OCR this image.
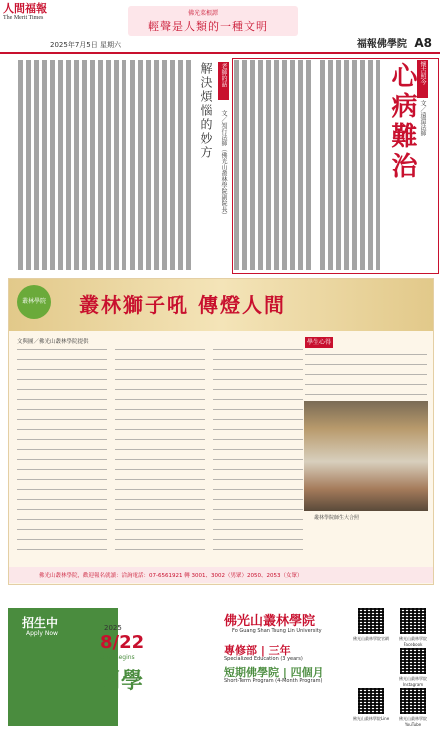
人間福報
The Merit Times
2025年7月5日 星期六
佛光菜根譚
輕聲是人類的一種文明
福報佛學院 A8
懷古照今
心病難治 文／遠還法師
老師的話
解決煩惱的妙方	文／知行法師（佛光山叢林學院副院長）
叢林學院 叢林獅子吼 傳燈人間
文與圖／佛光山叢林學院提供	學生心得
叢林學院師生大合照
佛光山叢林學院，歡迎報名就讀：洽詢電話：07-6561921 轉 3001、3002（男眾）2050、2053（女眾）
招生中
Apply Now
2025
8/22
Term Begins
開學
佛光山叢林學院
Fo Guang Shan Tsung Lin University
專修部 | 三年
Specialized Education (3 years)
短期佛學院 | 四個月
Short-Term Program (4-Month Program)
佛光山叢林學院官網	佛光山叢林學院Facebook
佛光山叢林學院Instagram
佛光山叢林學院Line	佛光山叢林學院YouTube
